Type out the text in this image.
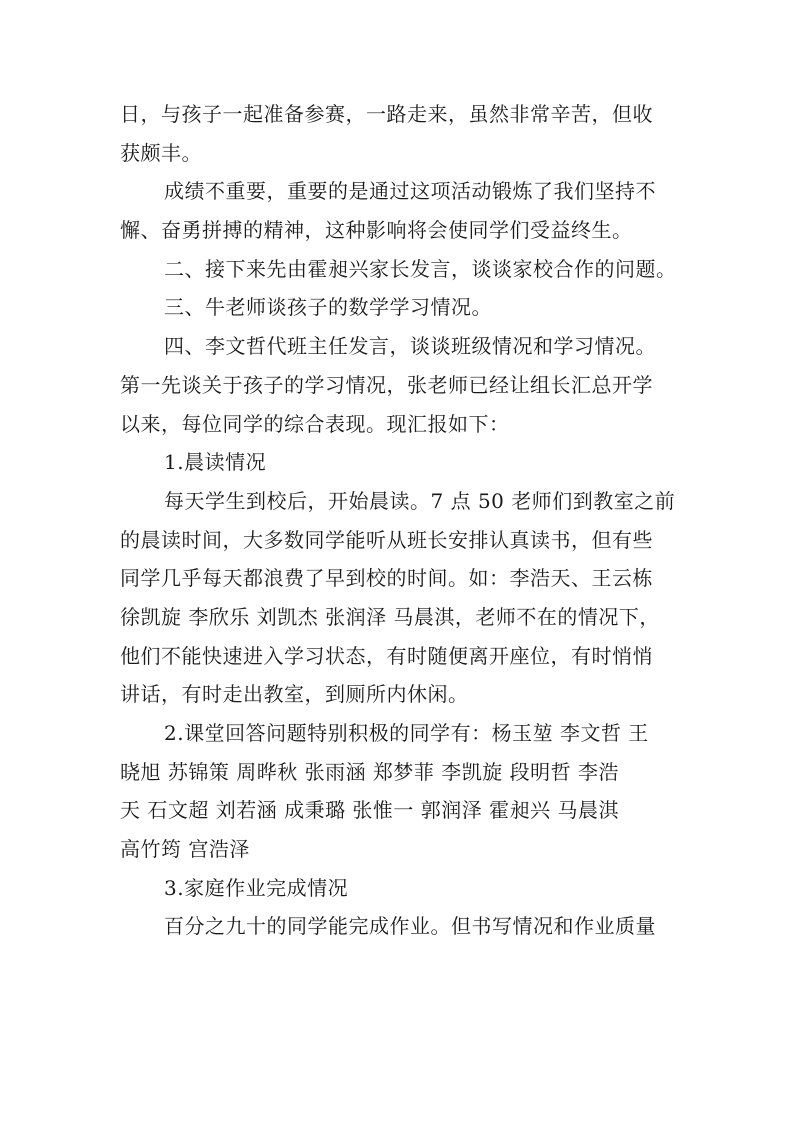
日，与孩子一起准备参赛，一路走来，虽然非常辛苦，但收
获颇丰。
成绩不重要，重要的是通过这项活动锻炼了我们坚持不
懈、奋勇拼搏的精神，这种影响将会使同学们受益终生。
二、接下来先由霍昶兴家长发言，谈谈家校合作的问题。
三、牛老师谈孩子的数学学习情况。
四、李文哲代班主任发言，谈谈班级情况和学习情况。
第一先谈关于孩子的学习情况，张老师已经让组长汇总开学
以来，每位同学的综合表现。现汇报如下：
1.晨读情况
每天学生到校后，开始晨读。7 点 50 老师们到教室之前
的晨读时间，大多数同学能听从班长安排认真读书，但有些
同学几乎每天都浪费了早到校的时间。如：李浩天、王云栋
徐凯旋 李欣乐 刘凯杰 张润泽 马晨淇，老师不在的情况下，
他们不能快速进入学习状态，有时随便离开座位，有时悄悄
讲话，有时走出教室，到厕所内休闲。
2.课堂回答问题特别积极的同学有：杨玉堃 李文哲 王
晓旭 苏锦策 周晔秋 张雨涵 郑梦菲 李凯旋 段明哲 李浩
天 石文超 刘若涵 成秉璐 张惟一 郭润泽 霍昶兴 马晨淇
高竹筠 宫浩泽
3.家庭作业完成情况
百分之九十的同学能完成作业。但书写情况和作业质量
